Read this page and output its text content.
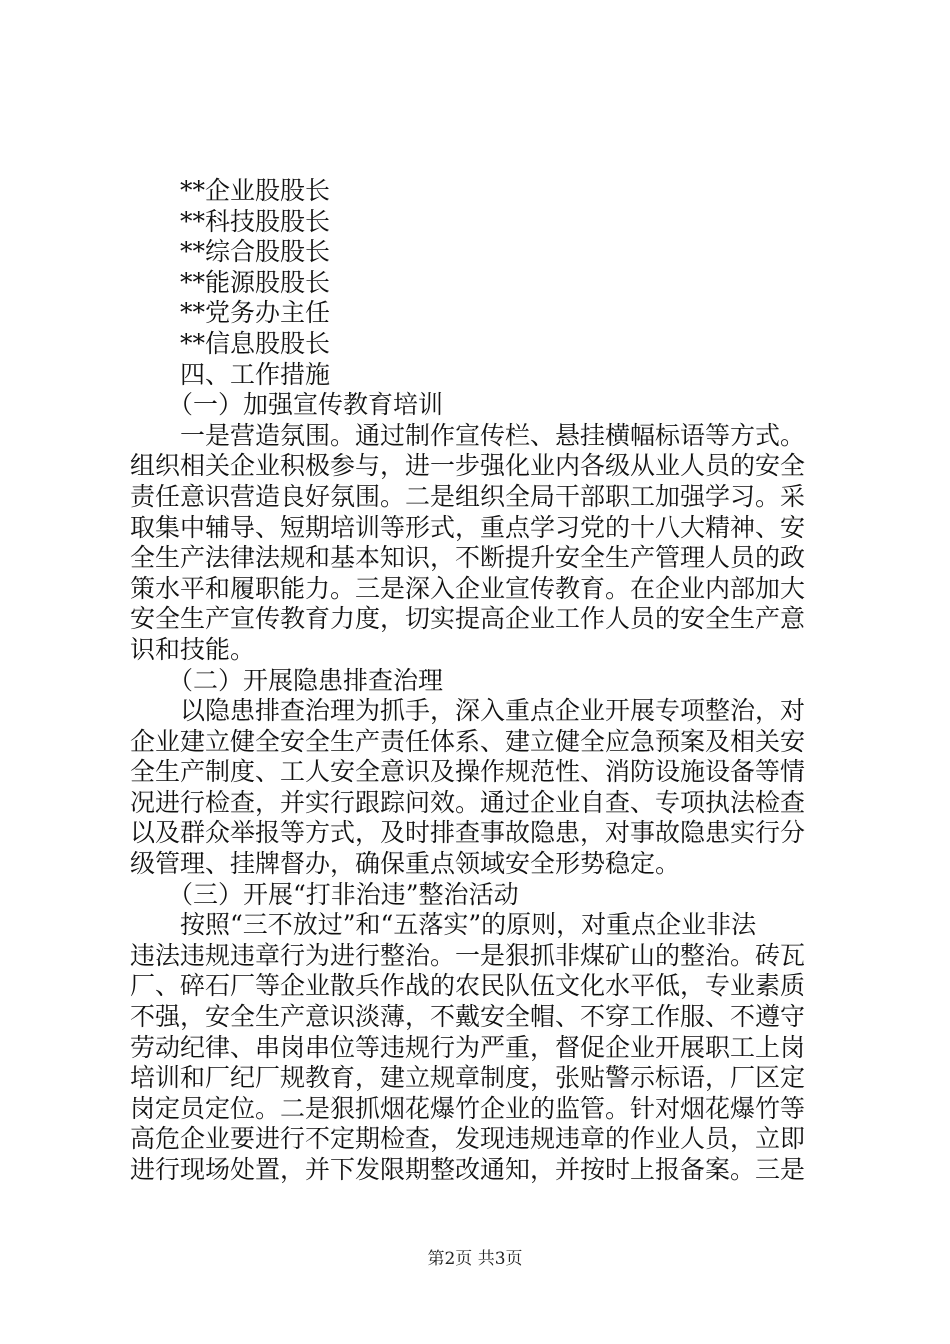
**企业股股长
**科技股股长
**综合股股长
**能源股股长
**党务办主任
**信息股股长
四、工作措施
（一）加强宣传教育培训
一是营造氛围。通过制作宣传栏、悬挂横幅标语等方式。
组织相关企业积极参与，进一步强化业内各级从业人员的安全
责任意识营造良好氛围。二是组织全局干部职工加强学习。采
取集中辅导、短期培训等形式，重点学习党的十八大精神、安
全生产法律法规和基本知识，不断提升安全生产管理人员的政
策水平和履职能力。三是深入企业宣传教育。在企业内部加大
安全生产宣传教育力度，切实提高企业工作人员的安全生产意
识和技能。
（二）开展隐患排查治理
以隐患排查治理为抓手，深入重点企业开展专项整治，对
企业建立健全安全生产责任体系、建立健全应急预案及相关安
全生产制度、工人安全意识及操作规范性、消防设施设备等情
况进行检查，并实行跟踪问效。通过企业自查、专项执法检查
以及群众举报等方式，及时排查事故隐患，对事故隐患实行分
级管理、挂牌督办，确保重点领域安全形势稳定。
（三）开展“打非治违”整治活动
按照“三不放过”和“五落实”的原则，对重点企业非法
违法违规违章行为进行整治。一是狠抓非煤矿山的整治。砖瓦
厂、碎石厂等企业散兵作战的农民队伍文化水平低，专业素质
不强，安全生产意识淡薄，不戴安全帽、不穿工作服、不遵守
劳动纪律、串岗串位等违规行为严重，督促企业开展职工上岗
培训和厂纪厂规教育，建立规章制度，张贴警示标语，厂区定
岗定员定位。二是狠抓烟花爆竹企业的监管。针对烟花爆竹等
高危企业要进行不定期检查，发现违规违章的作业人员，立即
进行现场处置，并下发限期整改通知，并按时上报备案。三是
第2页 共3页
